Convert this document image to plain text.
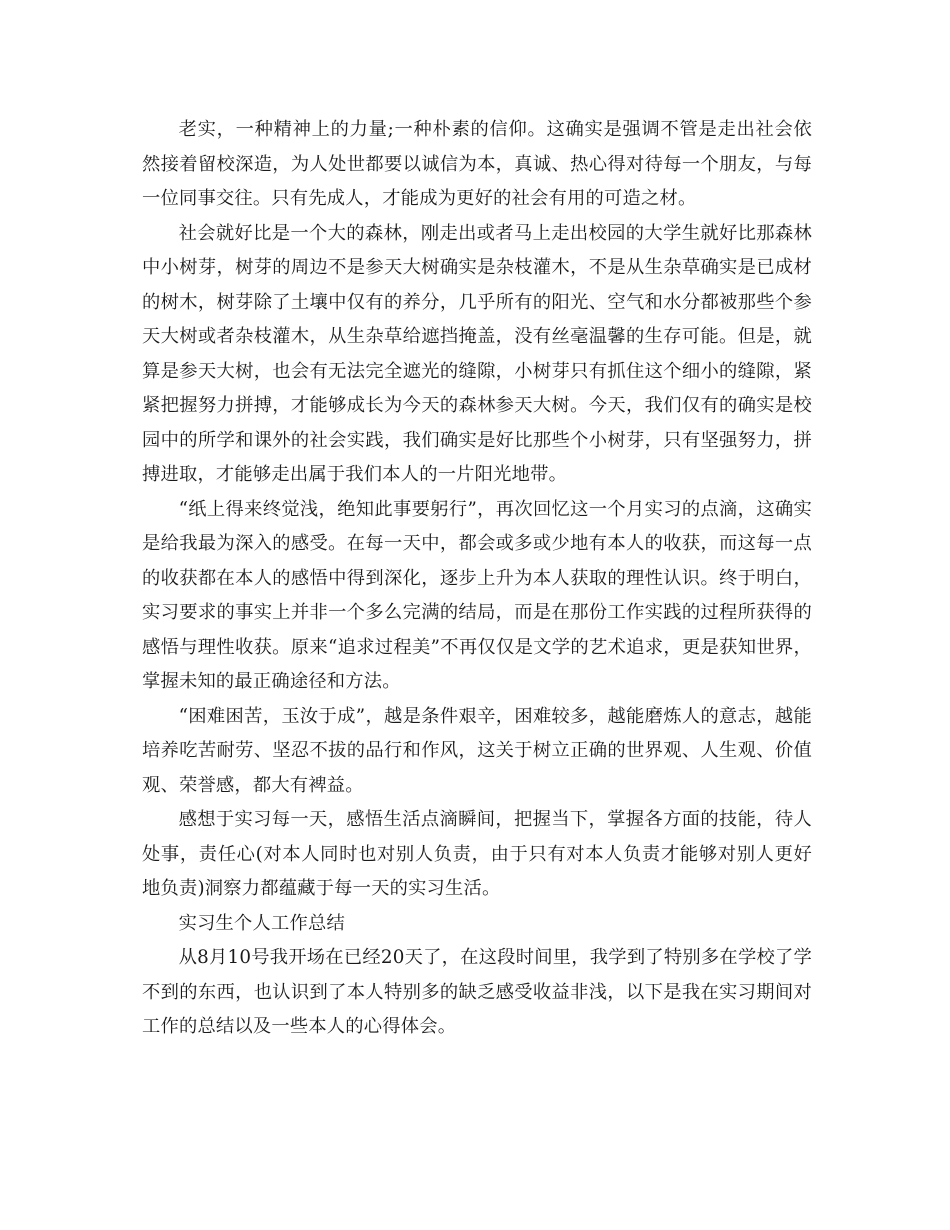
老实，一种精神上的力量;一种朴素的信仰。这确实是强调不管是走出社会依然接着留校深造，为人处世都要以诚信为本，真诚、热心得对待每一个朋友，与每一位同事交往。只有先成人，才能成为更好的社会有用的可造之材。

社会就好比是一个大的森林，刚走出或者马上走出校园的大学生就好比那森林中小树芽，树芽的周边不是参天大树确实是杂枝灌木，不是从生杂草确实是已成材的树木，树芽除了土壤中仅有的养分，几乎所有的阳光、空气和水分都被那些个参天大树或者杂枝灌木，从生杂草给遮挡掩盖，没有丝毫温馨的生存可能。但是，就算是参天大树，也会有无法完全遮光的缝隙，小树芽只有抓住这个细小的缝隙，紧紧把握努力拼搏，才能够成长为今天的森林参天大树。今天，我们仅有的确实是校园中的所学和课外的社会实践，我们确实是好比那些个小树芽，只有坚强努力，拼搏进取，才能够走出属于我们本人的一片阳光地带。

“纸上得来终觉浅，绝知此事要躬行”，再次回忆这一个月实习的点滴，这确实是给我最为深入的感受。在每一天中，都会或多或少地有本人的收获，而这每一点的收获都在本人的感悟中得到深化，逐步上升为本人获取的理性认识。终于明白，实习要求的事实上并非一个多么完满的结局，而是在那份工作实践的过程所获得的感悟与理性收获。原来“追求过程美”不再仅仅是文学的艺术追求，更是获知世界，掌握未知的最正确途径和方法。

“困难困苦，玉汝于成”，越是条件艰辛，困难较多，越能磨炼人的意志，越能培养吃苦耐劳、坚忍不拔的品行和作风，这关于树立正确的世界观、人生观、价值观、荣誉感，都大有裨益。

感想于实习每一天，感悟生活点滴瞬间，把握当下，掌握各方面的技能，待人处事，责任心(对本人同时也对别人负责，由于只有对本人负责才能够对别人更好地负责)洞察力都蕴藏于每一天的实习生活。

实习生个人工作总结

从8月10号我开场在已经20天了，在这段时间里，我学到了特别多在学校了学不到的东西，也认识到了本人特别多的缺乏感受收益非浅，以下是我在实习期间对工作的总结以及一些本人的心得体会。
